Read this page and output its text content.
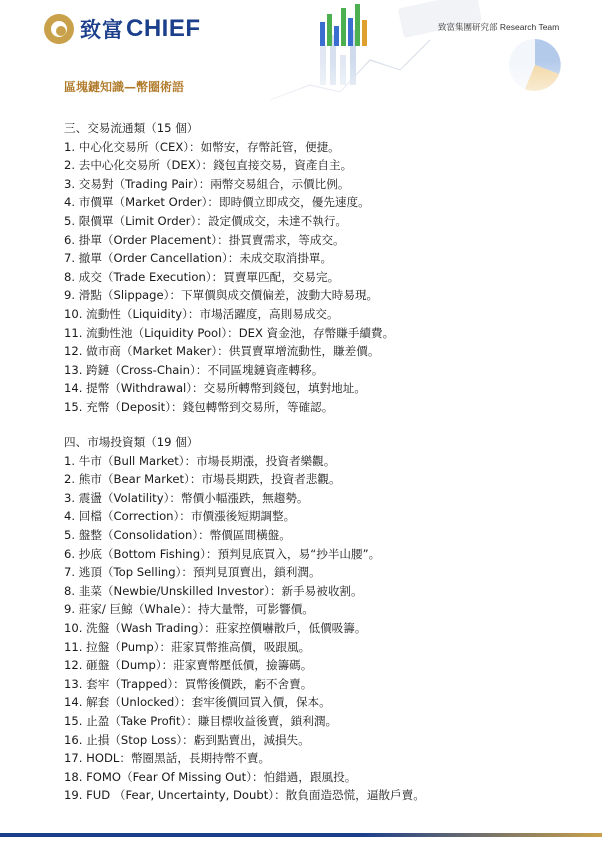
致富 CHIEF	致富集團研究部 Research Team
區塊鏈知識—幣圈術語
三、交易流通類（15 個）
1. 中心化交易所（CEX）：如幣安，存幣託管，便捷。
2. 去中心化交易所（DEX）：錢包直接交易，資產自主。
3. 交易對（Trading Pair）：兩幣交易組合，示價比例。
4. 市價單（Market Order）：即時價立即成交，優先速度。
5. 限價單（Limit Order）：設定價成交，未達不執行。
6. 掛單（Order Placement）：掛買賣需求，等成交。
7. 撤單（Order Cancellation）：未成交取消掛單。
8. 成交（Trade Execution）：買賣單匹配，交易完。
9. 滑點（Slippage）：下單價與成交價偏差，波動大時易現。
10. 流動性（Liquidity）：市場活躍度，高則易成交。
11. 流動性池（Liquidity Pool）：DEX 資金池，存幣賺手續費。
12. 做市商（Market Maker）：供買賣單增流動性，賺差價。
13. 跨鏈（Cross-Chain）：不同區塊鏈資產轉移。
14. 提幣（Withdrawal）：交易所轉幣到錢包，填對地址。
15. 充幣（Deposit）：錢包轉幣到交易所，等確認。
四、市場投資類（19 個）
1. 牛市（Bull Market）：市場長期漲，投資者樂觀。
2. 熊市（Bear Market）：市場長期跌，投資者悲觀。
3. 震盪（Volatility）：幣價小幅漲跌，無趨勢。
4. 回檔（Correction）：市價漲後短期調整。
5. 盤整（Consolidation）：幣價區間橫盤。
6. 抄底（Bottom Fishing）：預判見底買入，易“抄半山腰”。
7. 逃頂（Top Selling）：預判見頂賣出，鎖利潤。
8. 韭菜（Newbie/Unskilled Investor）：新手易被收割。
9. 莊家/ 巨鯨（Whale）：持大量幣，可影響價。
10. 洗盤（Wash Trading）：莊家控價嚇散戶，低價吸籌。
11. 拉盤（Pump）：莊家買幣推高價，吸跟風。
12. 砸盤（Dump）：莊家賣幣壓低價，撿籌碼。
13. 套牢（Trapped）：買幣後價跌，虧不舍賣。
14. 解套（Unlocked）：套牢後價回買入價，保本。
15. 止盈（Take Profit）：賺目標收益後賣，鎖利潤。
16. 止損（Stop Loss）：虧到點賣出，減損失。
17. HODL：幣圈黑話，長期持幣不賣。
18. FOMO（Fear Of Missing Out）：怕錯過，跟風投。
19. FUD （Fear, Uncertainty, Doubt）：散負面造恐慌，逼散戶賣。
